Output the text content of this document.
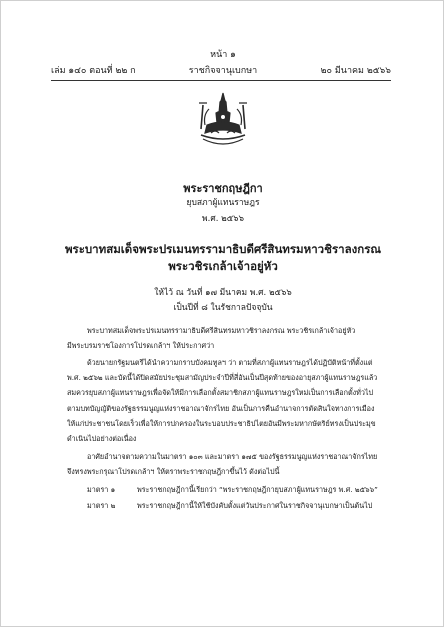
หน้า ๑
เล่ม ๑๔๐ ตอนที่ ๒๒ ก	ราชกิจจานุเบกษา	๒๐ มีนาคม ๒๕๖๖
พระราชกฤษฎีกา
ยุบสภาผู้แทนราษฎร
พ.ศ. ๒๕๖๖
พระบาทสมเด็จพระปรเมนทรรามาธิบดีศรีสินทรมหาวชิราลงกรณ
พระวชิรเกล้าเจ้าอยู่หัว
ให้ไว้ ณ วันที่ ๑๗ มีนาคม พ.ศ. ๒๕๖๖
เป็นปีที่ ๘ ในรัชกาลปัจจุบัน
พระบาทสมเด็จพระปรเมนทรรามาธิบดีศรีสินทรมหาวชิราลงกรณ พระวชิรเกล้าเจ้าอยู่หัว
มีพระบรมราชโองการโปรดเกล้าฯ ให้ประกาศว่า
ด้วยนายกรัฐมนตรีได้นำความกราบบังคมทูลฯ ว่า ตามที่สภาผู้แทนราษฎรได้ปฏิบัติหน้าที่ตั้งแต่
พ.ศ. ๒๕๖๒ และบัดนี้ได้ปิดสมัยประชุมสามัญประจำปีที่สี่อันเป็นปีสุดท้ายของอายุสภาผู้แทนราษฎรแล้ว
สมควรยุบสภาผู้แทนราษฎรเพื่อจัดให้มีการเลือกตั้งสมาชิกสภาผู้แทนราษฎรใหม่เป็นการเลือกตั้งทั่วไป
ตามบทบัญญัติของรัฐธรรมนูญแห่งราชอาณาจักรไทย อันเป็นการคืนอำนาจการตัดสินใจทางการเมือง
ให้แก่ประชาชนโดยเร็วเพื่อให้การปกครองในระบอบประชาธิปไตยอันมีพระมหากษัตริย์ทรงเป็นประมุข
ดำเนินไปอย่างต่อเนื่อง
อาศัยอำนาจตามความในมาตรา ๑๐๓ และมาตรา ๑๗๕ ของรัฐธรรมนูญแห่งราชอาณาจักรไทย
จึงทรงพระกรุณาโปรดเกล้าฯ ให้ตราพระราชกฤษฎีกาขึ้นไว้ ดังต่อไปนี้
มาตรา ๑	พระราชกฤษฎีกานี้เรียกว่า “พระราชกฤษฎีกายุบสภาผู้แทนราษฎร พ.ศ. ๒๕๖๖”
มาตรา ๒	พระราชกฤษฎีกานี้ให้ใช้บังคับตั้งแต่วันประกาศในราชกิจจานุเบกษาเป็นต้นไป
